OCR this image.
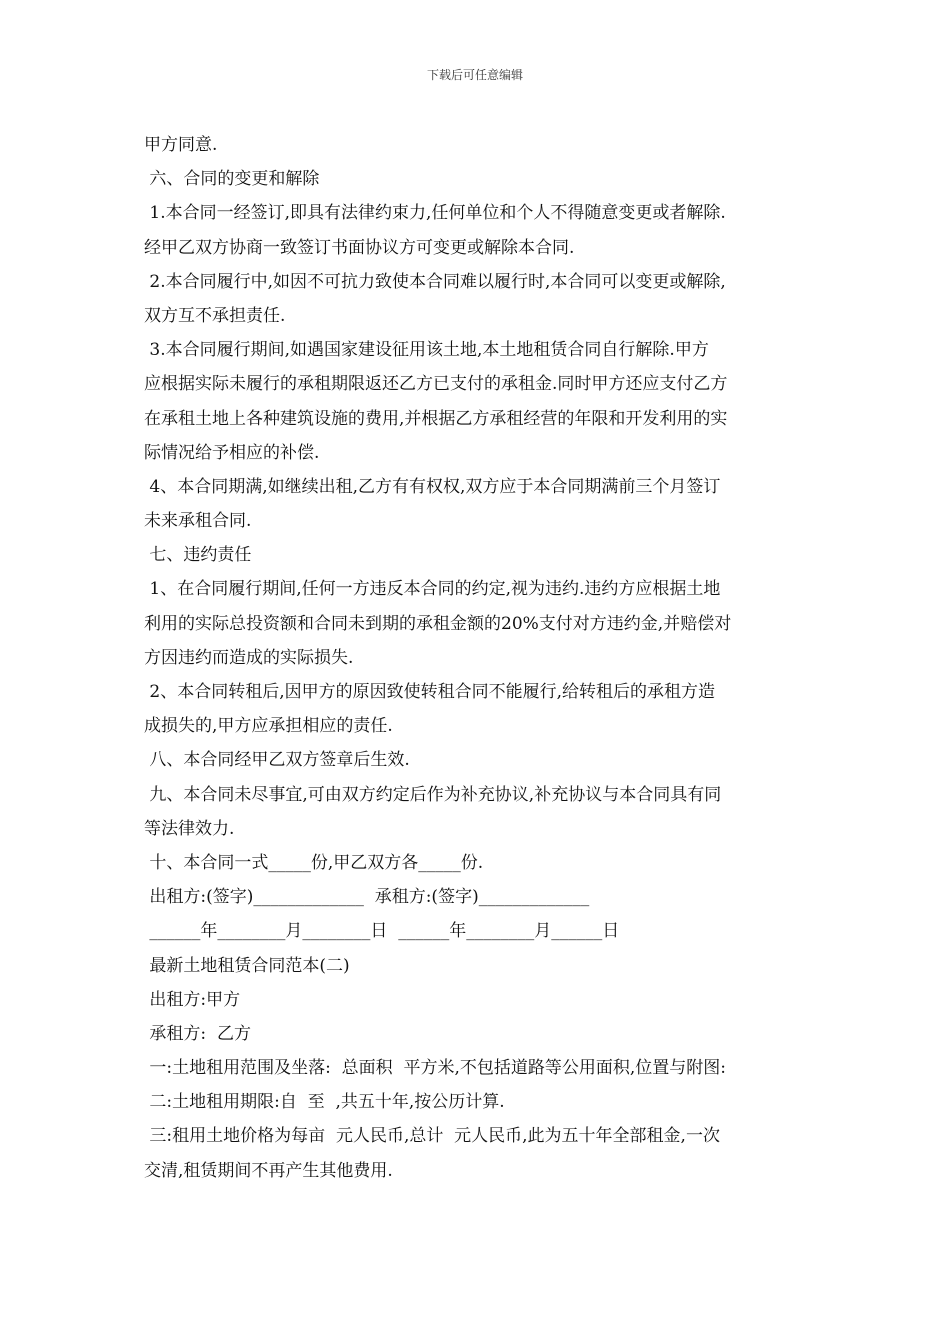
下载后可任意编辑
甲方同意.
六、合同的变更和解除
1.本合同一经签订,即具有法律约束力,任何单位和个人不得随意变更或者解除.
经甲乙双方协商一致签订书面协议方可变更或解除本合同.
2.本合同履行中,如因不可抗力致使本合同难以履行时,本合同可以变更或解除,
双方互不承担责任.
3.本合同履行期间,如遇国家建设征用该土地,本土地租赁合同自行解除.甲方
应根据实际未履行的承租期限返还乙方已支付的承租金.同时甲方还应支付乙方
在承租土地上各种建筑设施的费用,并根据乙方承租经营的年限和开发利用的实
际情况给予相应的补偿.
4、本合同期满,如继续出租,乙方有有权权,双方应于本合同期满前三个月签订
未来承租合同.
七、违约责任
1、在合同履行期间,任何一方违反本合同的约定,视为违约.违约方应根据土地
利用的实际总投资额和合同未到期的承租金额的20%支付对方违约金,并赔偿对
方因违约而造成的实际损失.
2、本合同转租后,因甲方的原因致使转租合同不能履行,给转租后的承租方造
成损失的,甲方应承担相应的责任.
八、本合同经甲乙双方签章后生效.
九、本合同未尽事宜,可由双方约定后作为补充协议,补充协议与本合同具有同
等法律效力.
十、本合同一式_____份,甲乙双方各_____份.
出租方:(签字)_____________  承租方:(签字)_____________
______年________月________日  ______年________月______日
最新土地租赁合同范本(二)
出租方:甲方
承租方:  乙方
一:土地租用范围及坐落:  总面积  平方米,不包括道路等公用面积,位置与附图:
二:土地租用期限:自  至  ,共五十年,按公历计算.
三:租用土地价格为每亩  元人民币,总计  元人民币,此为五十年全部租金,一次
交清,租赁期间不再产生其他费用.
